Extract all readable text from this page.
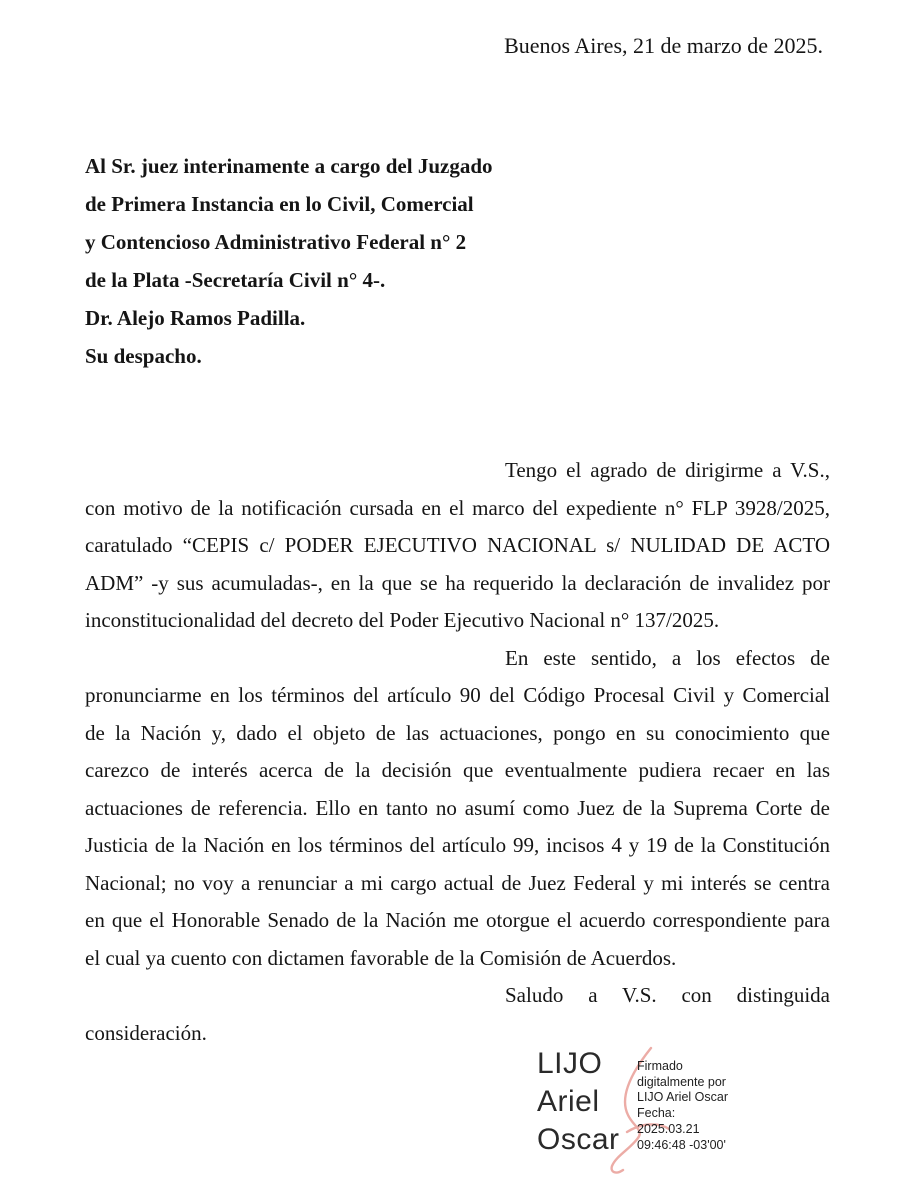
Buenos Aires, 21 de marzo de 2025.
Al Sr. juez interinamente a cargo del Juzgado
de Primera Instancia en lo Civil, Comercial
y Contencioso Administrativo Federal n° 2
de la Plata -Secretaría Civil n° 4-.
Dr. Alejo Ramos Padilla.
Su despacho.
Tengo el agrado de dirigirme a V.S.,
con motivo de la notificación cursada en el marco del expediente n° FLP 3928/2025,
caratulado “CEPIS c/ PODER EJECUTIVO NACIONAL s/ NULIDAD DE ACTO
ADM” -y sus acumuladas-, en la que se ha requerido la declaración de invalidez por
inconstitucionalidad del decreto del Poder Ejecutivo Nacional n° 137/2025.
En este sentido, a los efectos de
pronunciarme en los términos del artículo 90 del Código Procesal Civil y Comercial
de la Nación y, dado el objeto de las actuaciones, pongo en su conocimiento que
carezco de interés acerca de la decisión que eventualmente pudiera recaer en las
actuaciones de referencia. Ello en tanto no asumí como Juez de la Suprema Corte de
Justicia de la Nación en los términos del artículo 99, incisos 4 y 19 de la Constitución
Nacional; no voy a renunciar a mi cargo actual de Juez Federal y mi interés se centra
en que el Honorable Senado de la Nación me otorgue el acuerdo correspondiente para
el cual ya cuento con dictamen favorable de la Comisión de Acuerdos.
Saludo a V.S. con distinguida
consideración.
LIJO
Ariel
Oscar
Firmado
digitalmente por
LIJO Ariel Oscar
Fecha:
2025.03.21
09:46:48 -03'00'
